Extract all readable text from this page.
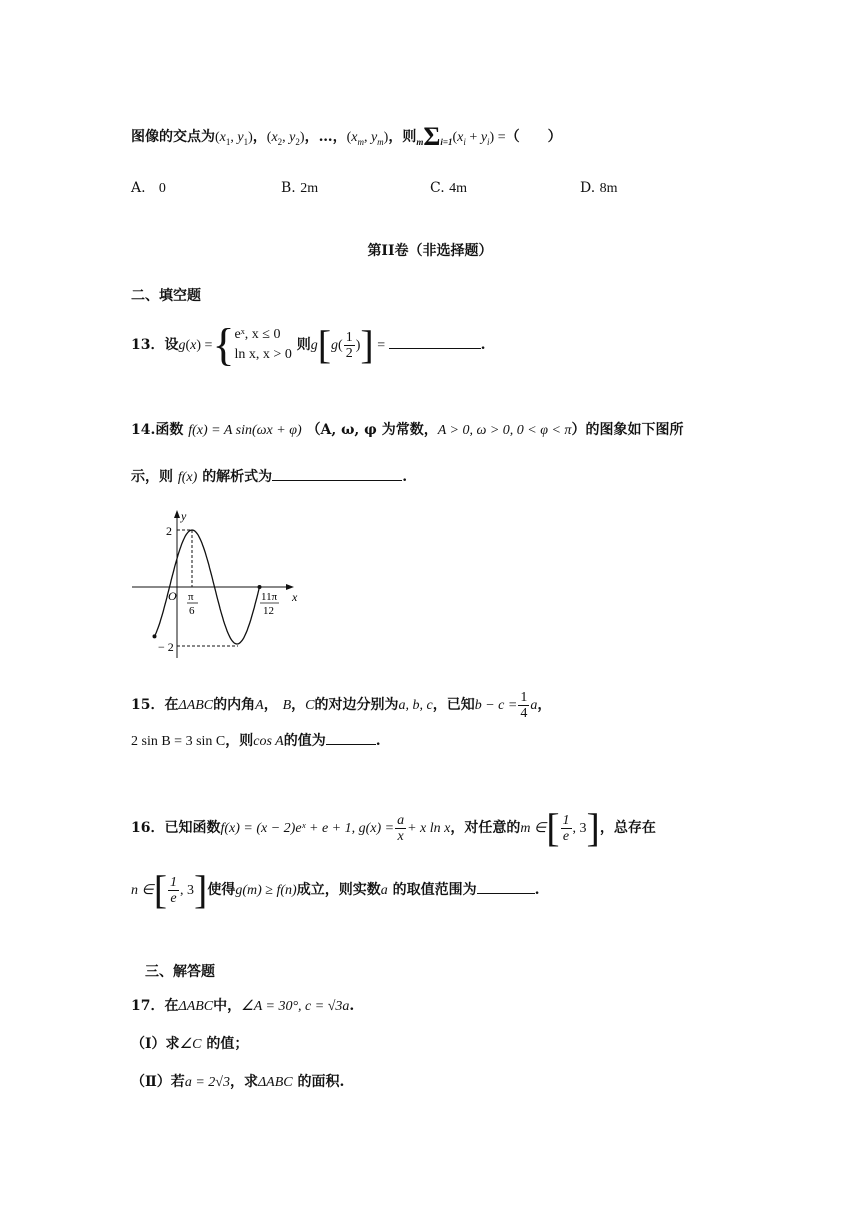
图像的交点为($x_1$, $y_1$)，($x_2$, $y_2$)，…，($x_m$, $y_m$)，则$m\Sigma i=1(x_i + y_i)$ =（　　）
A. 0	B. 2m	C. 4m	D. 8m
第II卷（非选择题）
二、填空题
13．设g(x) ={ eˣ, x ≤ 0
ln x, x > 0
则$g[g( \frac{1}{2}$ )] =	.
14.函数 f(x) = A sin(ωx + φ) （A, ω, φ 为常数，A > 0, ω > 0, 0 < φ < π）的图象如下图所
示，则 f(x) 的解析式为	.
y
x
O
2
− 2
π
6
11π
12
15．在ΔABC的内角A， B，C的对边分别为a, b, c，已知$b - c = \frac{1}{4}$ a，
2 sin B = 3 sin C，则cos A的值为	.
16．已知函数f(x) = (x − 2)eˣ + e + 1, $g(x) = \frac{a}{x} + x$ ln x，对任意的m ∈[ $\frac{1}{e}$ , 3]，总存在
n ∈[ $\frac{1}{e}$ , 3]使得g(m) ≥ f(n)成立，则实数a 的取值范围为	.
三、解答题
17．在ΔABC中，∠A = 30°, c = √3a.
（Ⅰ）求∠C 的值；
（Ⅱ）若a = 2√3，求ΔABC 的面积.
